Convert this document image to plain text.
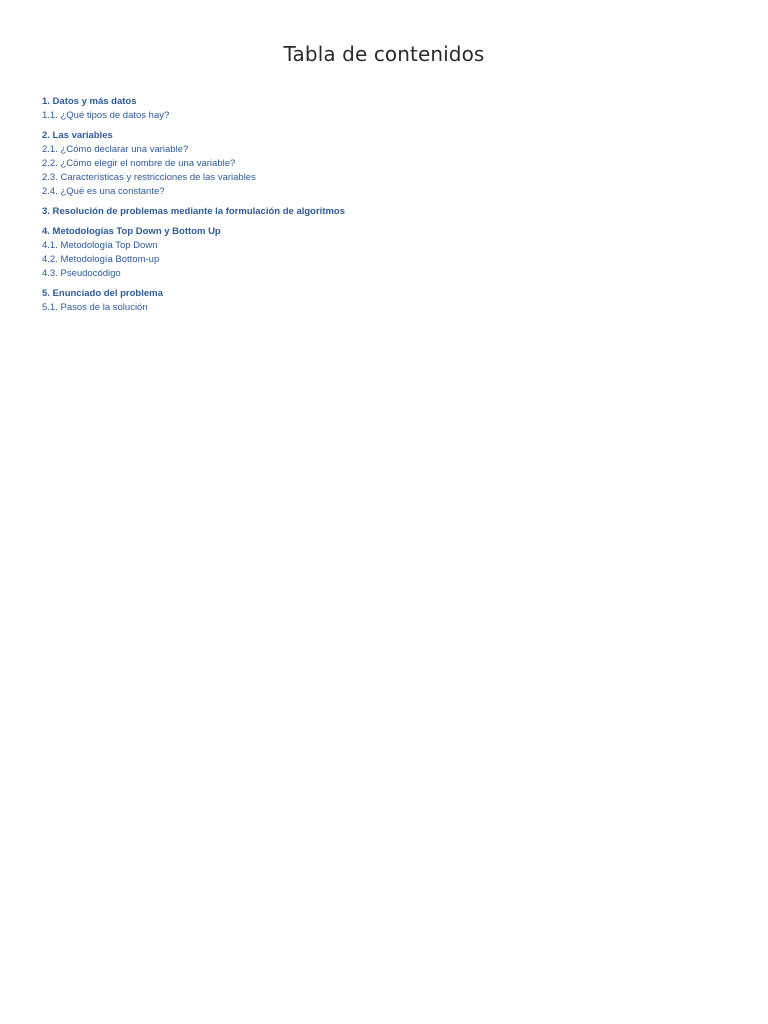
Tabla de contenidos
1. Datos y más datos
1.1. ¿Qué tipos de datos hay?
2. Las variables
2.1. ¿Cómo declarar una variable?
2.2. ¿Cómo elegir el nombre de una variable?
2.3. Características y restricciones de las variables
2.4. ¿Qué es una constante?
3. Resolución de problemas mediante la formulación de algoritmos
4. Metodologías Top Down y Bottom Up
4.1. Metodología Top Down
4.2. Metodología Bottom-up
4.3. Pseudocódigo
5. Enunciado del problema
5.1. Pasos de la solución
